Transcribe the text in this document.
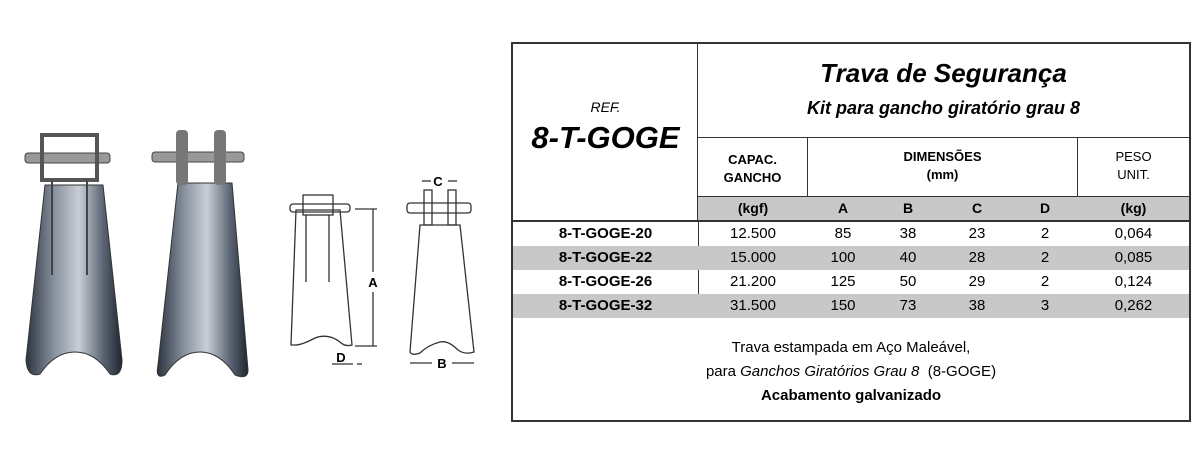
C
A
D	B
REF.
8-T-GOGE
Trava de Segurança
Kit para gancho giratório grau 8
CAPAC.
GANCHO
DIMENSÕES
(mm)
PESO
UNIT.
(kgf)	A	B	C	D	(kg)
8-T-GOGE-20	12.500	85	38	23	2	0,064
8-T-GOGE-22	15.000	100	40	28	2	0,085
8-T-GOGE-26	21.200	125	50	29	2	0,124
8-T-GOGE-32	31.500	150	73	38	3	0,262
Trava estampada em Aço Maleável,
para Ganchos Giratórios Grau 8  (8-GOGE)
Acabamento galvanizado
